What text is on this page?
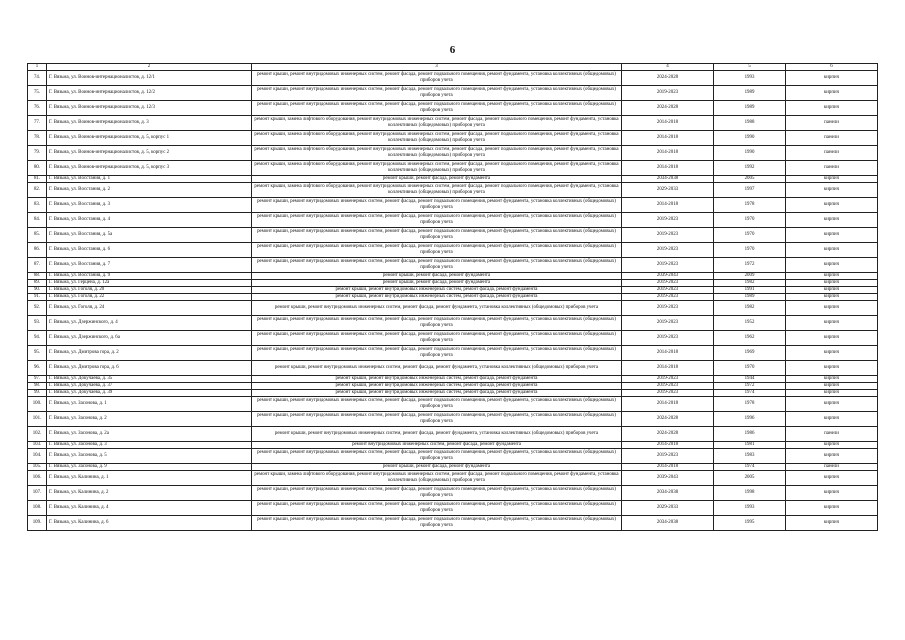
6
1	2	3	4	5	6
74.	Г. Вязьма, ул. Воинов-интернационалистов, д. 12/1	ремонт крыши, ремонт внутридомовых инженерных систем, ремонт фасада, ремонт подвального помещения, ремонт фундамента, установка коллективных (общедомовых) приборов учета	2024-2028	1993	кирпич
75.	Г. Вязьма, ул. Воинов-интернационалистов, д. 12/2	ремонт крыши, ремонт внутридомовых инженерных систем, ремонт фасада, ремонт подвального помещения, ремонт фундамента, установка коллективных (общедомовых) приборов учета	2019-2023	1989	кирпич
76.	Г. Вязьма, ул. Воинов-интернационалистов, д. 12/3	ремонт крыши, ремонт внутридомовых инженерных систем, ремонт фасада, ремонт подвального помещения, ремонт фундамента, установка коллективных (общедомовых) приборов учета	2024-2028	1989	кирпич
77.	Г. Вязьма, ул. Воинов-интернационалистов, д. 3	ремонт крыши, замена лифтового оборудования, ремонт внутридомовых инженерных систем, ремонт фасада, ремонт подвального помещения, ремонт фундамента, установка коллективных (общедомовых) приборов учета	2014-2018	1988	панели
78.	Г. Вязьма, ул. Воинов-интернационалистов, д. 5, корпус 1	ремонт крыши, замена лифтового оборудования, ремонт внутридомовых инженерных систем, ремонт фасада, ремонт подвального помещения, ремонт фундамента, установка коллективных (общедомовых) приборов учета	2014-2018	1990	панели
79.	Г. Вязьма, ул. Воинов-интернационалистов, д. 5, корпус 2	ремонт крыши, замена лифтового оборудования, ремонт внутридомовых инженерных систем, ремонт фасада, ремонт подвального помещения, ремонт фундамента, установка коллективных (общедомовых) приборов учета	2014-2018	1990	панели
80.	Г. Вязьма, ул. Воинов-интернационалистов, д. 5, корпус 3	ремонт крыши, замена лифтового оборудования, ремонт внутридомовых инженерных систем, ремонт фасада, ремонт подвального помещения, ремонт фундамента, установка коллективных (общедомовых) приборов учета	2014-2018	1992	панели
81.	Г. Вязьма, ул. Восстания, д. 1	ремонт крыши, ремонт фасада, ремонт фундамента	2034-2038	2005	кирпич
82.	Г. Вязьма, ул. Восстания, д. 2	ремонт крыши, замена лифтового оборудования, ремонт внутридомовых инженерных систем, ремонт фасада, ремонт подвального помещения, ремонт фундамента, установка коллективных (общедомовых) приборов учета	2029-2033	1997	кирпич
83.	Г. Вязьма, ул. Восстания, д. 3	ремонт крыши, ремонт внутридомовых инженерных систем, ремонт фасада, ремонт подвального помещения, ремонт фундамента, установка коллективных (общедомовых) приборов учета	2014-2018	1978	кирпич
84.	Г. Вязьма, ул. Восстания, д. 4	ремонт крыши, ремонт внутридомовых инженерных систем, ремонт фасада, ремонт подвального помещения, ремонт фундамента, установка коллективных (общедомовых) приборов учета	2019-2023	1970	кирпич
85.	Г. Вязьма, ул. Восстания, д. 5а	ремонт крыши, ремонт внутридомовых инженерных систем, ремонт фасада, ремонт подвального помещения, ремонт фундамента, установка коллективных (общедомовых) приборов учета	2019-2023	1970	кирпич
86.	Г. Вязьма, ул. Восстания, д. 6	ремонт крыши, ремонт внутридомовых инженерных систем, ремонт фасада, ремонт подвального помещения, ремонт фундамента, установка коллективных (общедомовых) приборов учета	2019-2023	1970	кирпич
87.	Г. Вязьма, ул. Восстания, д. 7	ремонт крыши, ремонт внутридомовых инженерных систем, ремонт фасада, ремонт подвального помещения, ремонт фундамента, установка коллективных (общедомовых) приборов учета	2019-2023	1972	кирпич
88.	Г. Вязьма, ул. Восстания, д. 9	ремонт крыши, ремонт фасада, ремонт фундамента	2039-2043	2009	кирпич
89.	Г. Вязьма, ул. Герцена, д. 12а	ремонт крыши, ремонт фасада, ремонт фундамента	2019-2023	1982	кирпич
90.	Г. Вязьма, ул. Гоголя, д. 20	ремонт крыши, ремонт внутридомовых инженерных систем, ремонт фасада, ремонт фундамента	2019-2023	1991	кирпич
91.	Г. Вязьма, ул. Гоголя, д. 22	ремонт крыши, ремонт внутридомовых инженерных систем, ремонт фасада, ремонт фундамента	2019-2023	1989	кирпич
92.	Г. Вязьма, ул. Гоголя, д. 24	ремонт крыши, ремонт внутридомовых инженерных систем, ремонт фасада, ремонт фундамента, установка коллективных (общедомовых) приборов учета	2019-2023	1982	кирпич
93.	Г. Вязьма, ул. Дзержинского, д. 4	ремонт крыши, ремонт внутридомовых инженерных систем, ремонт фасада, ремонт подвального помещения, ремонт фундамента, установка коллективных (общедомовых) приборов учета	2019-2023	1952	кирпич
94.	Г. Вязьма, ул. Дзержинского, д. 6а	ремонт крыши, ремонт внутридомовых инженерных систем, ремонт фасада, ремонт подвального помещения, ремонт фундамента, установка коллективных (общедомовых) приборов учета	2019-2023	1962	кирпич
95.	Г. Вязьма, ул. Дмитрова гора, д. 2	ремонт крыши, ремонт внутридомовых инженерных систем, ремонт фасада, ремонт подвального помещения, ремонт фундамента, установка коллективных (общедомовых) приборов учета	2014-2018	1969	кирпич
96.	Г. Вязьма, ул. Дмитрова гора, д. 6	ремонт крыши, ремонт внутридомовых инженерных систем, ремонт фасада, ремонт фундамента, установка коллективных (общедомовых) приборов учета	2014-2018	1970	кирпич
97.	Г. Вязьма, ул. Докучаева, д. 35	ремонт крыши, ремонт внутридомовых инженерных систем, ремонт фасада, ремонт фундамента	2019-2023	1944	кирпич
98.	Г. Вязьма, ул. Докучаева, д. 37	ремонт крыши, ремонт внутридомовых инженерных систем, ремонт фасада, ремонт фундамента	2019-2023	1972	кирпич
99.	Г. Вязьма, ул. Докучаева, д. 39	ремонт крыши, ремонт внутридомовых инженерных систем, ремонт фасада, ремонт фундамента	2019-2023	1974	кирпич
100.	Г. Вязьма, ул. Засонова, д. 1	ремонт крыши, ремонт внутридомовых инженерных систем, ремонт фасада, ремонт подвального помещения, ремонт фундамента, установка коллективных (общедомовых) приборов учета	2014-2018	1978	кирпич
101.	Г. Вязьма, ул. Засонова, д. 2	ремонт крыши, ремонт внутридомовых инженерных систем, ремонт фасада, ремонт подвального помещения, ремонт фундамента, установка коллективных (общедомовых) приборов учета	2024-2028	1996	кирпич
102.	Г. Вязьма, ул. Засонова, д. 2а	ремонт крыши, ремонт внутридомовых инженерных систем, ремонт фасада, ремонт фундамента, установка коллективных (общедомовых) приборов учета	2024-2028	1986	панели
103.	Г. Вязьма, ул. Засонова, д. 3	ремонт внутридомовых инженерных систем, ремонт фасада, ремонт фундамента	2014-2018	1981	кирпич
104.	Г. Вязьма, ул. Засонова, д. 5	ремонт крыши, ремонт внутридомовых инженерных систем, ремонт фасада, ремонт подвального помещения, ремонт фундамента, установка коллективных (общедомовых) приборов учета	2019-2023	1983	кирпич
105.	Г. Вязьма, ул. Засонова, д. 9	ремонт крыши, ремонт фасада, ремонт фундамента	2014-2018	1974	панели
106.	Г. Вязьма, ул. Калинина, д. 1	ремонт крыши, замена лифтового оборудования, ремонт внутридомовых инженерных систем, ремонт фасада, ремонт подвального помещения, ремонт фундамента, установка коллективных (общедомовых) приборов учета	2039-2043	2005	кирпич
107.	Г. Вязьма, ул. Калинина, д. 2	ремонт крыши, ремонт внутридомовых инженерных систем, ремонт фасада, ремонт подвального помещения, ремонт фундамента, установка коллективных (общедомовых) приборов учета	2034-2038	1998	кирпич
108.	Г. Вязьма, ул. Калинина, д. 4	ремонт крыши, ремонт внутридомовых инженерных систем, ремонт фасада, ремонт подвального помещения, ремонт фундамента, установка коллективных (общедомовых) приборов учета	2029-2033	1993	кирпич
109.	Г. Вязьма, ул. Калинина, д. 6	ремонт крыши, ремонт внутридомовых инженерных систем, ремонт фасада, ремонт подвального помещения, ремонт фундамента, установка коллективных (общедомовых) приборов учета	2034-2038	1995	кирпич
